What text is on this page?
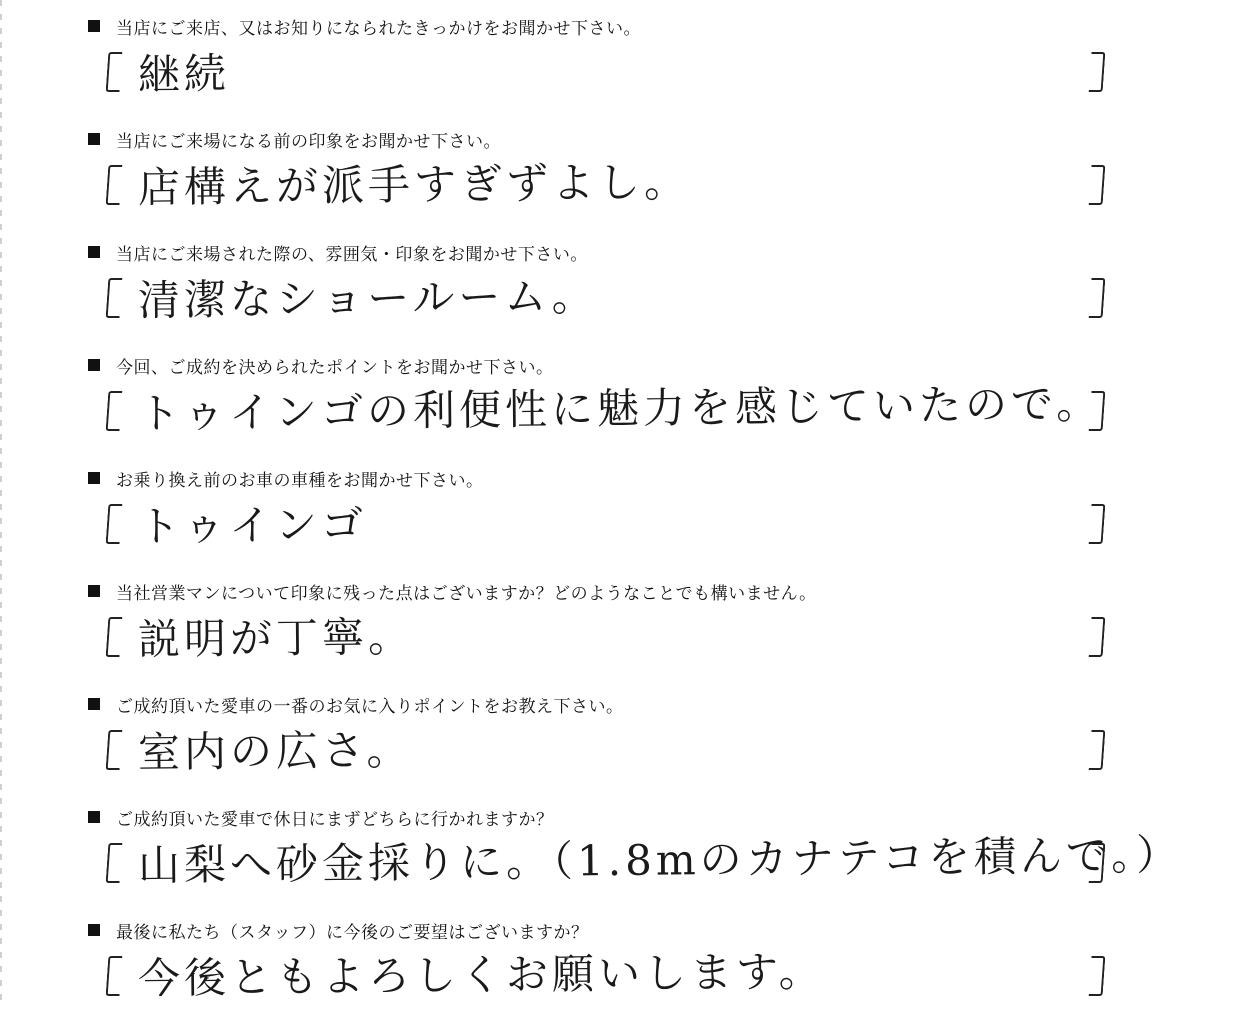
当店にご来店、又はお知りになられたきっかけをお聞かせ下さい。
継続
当店にご来場になる前の印象をお聞かせ下さい。
店構えが派手すぎずよし。
当店にご来場された際の、雰囲気・印象をお聞かせ下さい。
清潔なショールーム。
今回、ご成約を決められたポイントをお聞かせ下さい。
トゥインゴの利便性に魅力を感じていたので。
お乗り換え前のお車の車種をお聞かせ下さい。
トゥインゴ
当社営業マンについて印象に残った点はございますか？どのようなことでも構いません。
説明が丁寧。
ご成約頂いた愛車の一番のお気に入りポイントをお教え下さい。
室内の広さ。
ご成約頂いた愛車で休日にまずどちらに行かれますか？
山梨へ砂金採りに。（1.8mのカナテコを積んで。）
最後に私たち（スタッフ）に今後のご要望はございますか？
今後ともよろしくお願いします。
